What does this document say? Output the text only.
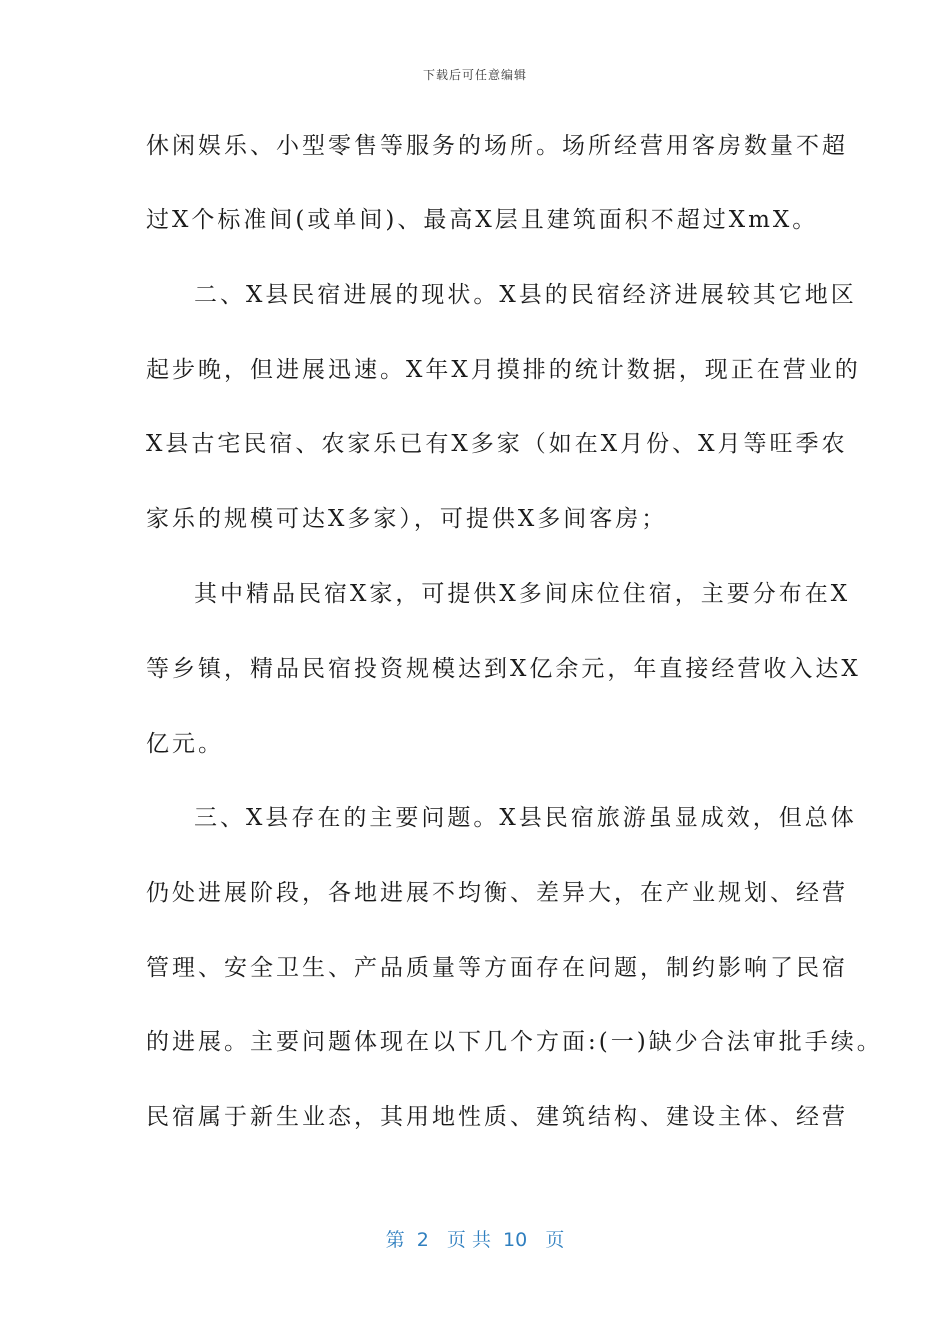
下载后可任意编辑

休闲娱乐、小型零售等服务的场所。场所经营用客房数量不超

过X个标准间(或单间)、最高X层且建筑面积不超过XmX。

二、X县民宿进展的现状。X县的民宿经济进展较其它地区

起步晚，但进展迅速。X年X月摸排的统计数据，现正在营业的

X县古宅民宿、农家乐已有X多家（如在X月份、X月等旺季农

家乐的规模可达X多家），可提供X多间客房；

其中精品民宿X家，可提供X多间床位住宿，主要分布在X

等乡镇，精品民宿投资规模达到X亿余元，年直接经营收入达X

亿元。

三、X县存在的主要问题。X县民宿旅游虽显成效，但总体

仍处进展阶段，各地进展不均衡、差异大，在产业规划、经营

管理、安全卫生、产品质量等方面存在问题，制约影响了民宿

的进展。主要问题体现在以下几个方面:(一)缺少合法审批手续。

民宿属于新生业态，其用地性质、建筑结构、建设主体、经营

第  2   页 共  10   页
